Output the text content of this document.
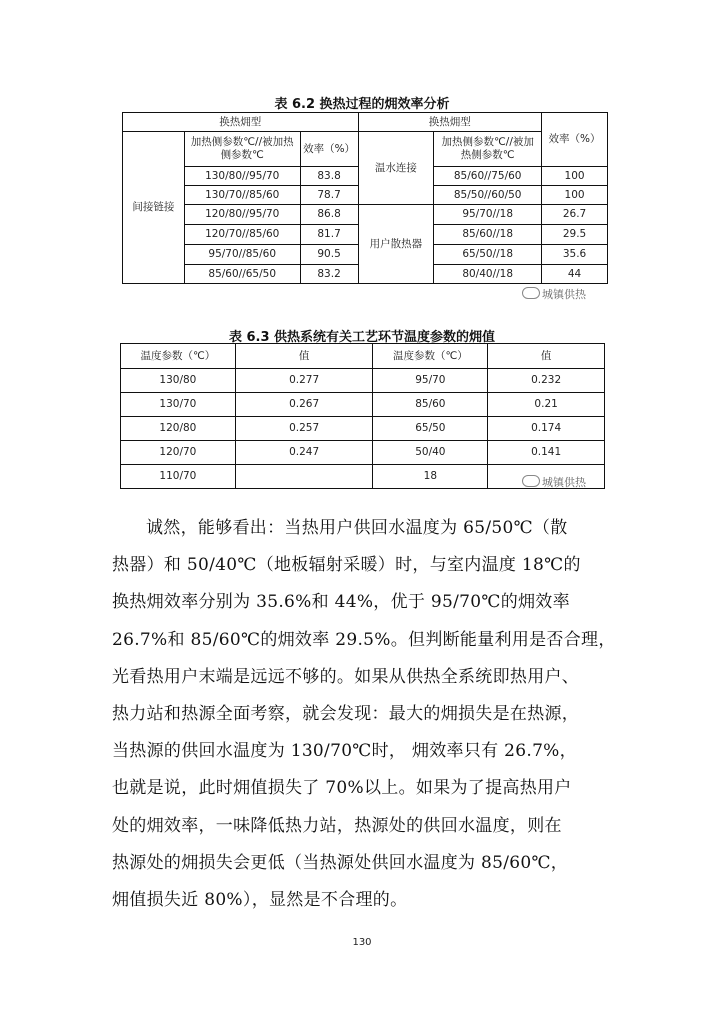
表 6.2 换热过程的㶲效率分析
换热㶲型			换热㶲型		效率（%）
间接链接	加热侧参数℃//被加热侧参数℃	效率（%）	温水连接	加热侧参数℃//被加热侧参数℃	
	130/80//95/70	83.8		85/60//75/60	100
	130/70//85/60	78.7		85/50//60/50	100
	120/80//95/70	86.8	用户散热器	95/70//18	26.7
	120/70//85/60	81.7		85/60//18	29.5
	95/70//85/60	90.5		65/50//18	35.6
	85/60//65/50	83.2		80/40//18	44
城镇供热
表 6.3 供热系统有关工艺环节温度参数的㶲值
温度参数（℃）	值	温度参数（℃）	值
130/80	0.277	95/70	0.232
130/70	0.267	85/60	0.21
120/80	0.257	65/50	0.174
120/70	0.247	50/40	0.141
110/70		18		城镇供热
诚然，能够看出：当热用户供回水温度为 65/50℃（散
热器）和 50/40℃（地板辐射采暖）时，与室内温度 18℃的
换热㶲效率分别为 35.6%和 44%，优于 95/70℃的㶲效率
26.7%和 85/60℃的㶲效率 29.5%。但判断能量利用是否合理，
光看热用户末端是远远不够的。如果从供热全系统即热用户、
热力站和热源全面考察，就会发现：最大的㶲损失是在热源，
当热源的供回水温度为 130/70℃时， 㶲效率只有 26.7%，
也就是说，此时㶲值损失了 70%以上。如果为了提高热用户
处的㶲效率，一味降低热力站，热源处的供回水温度，则在
热源处的㶲损失会更低（当热源处供回水温度为 85/60℃，
㶲值损失近 80%），显然是不合理的。
130
